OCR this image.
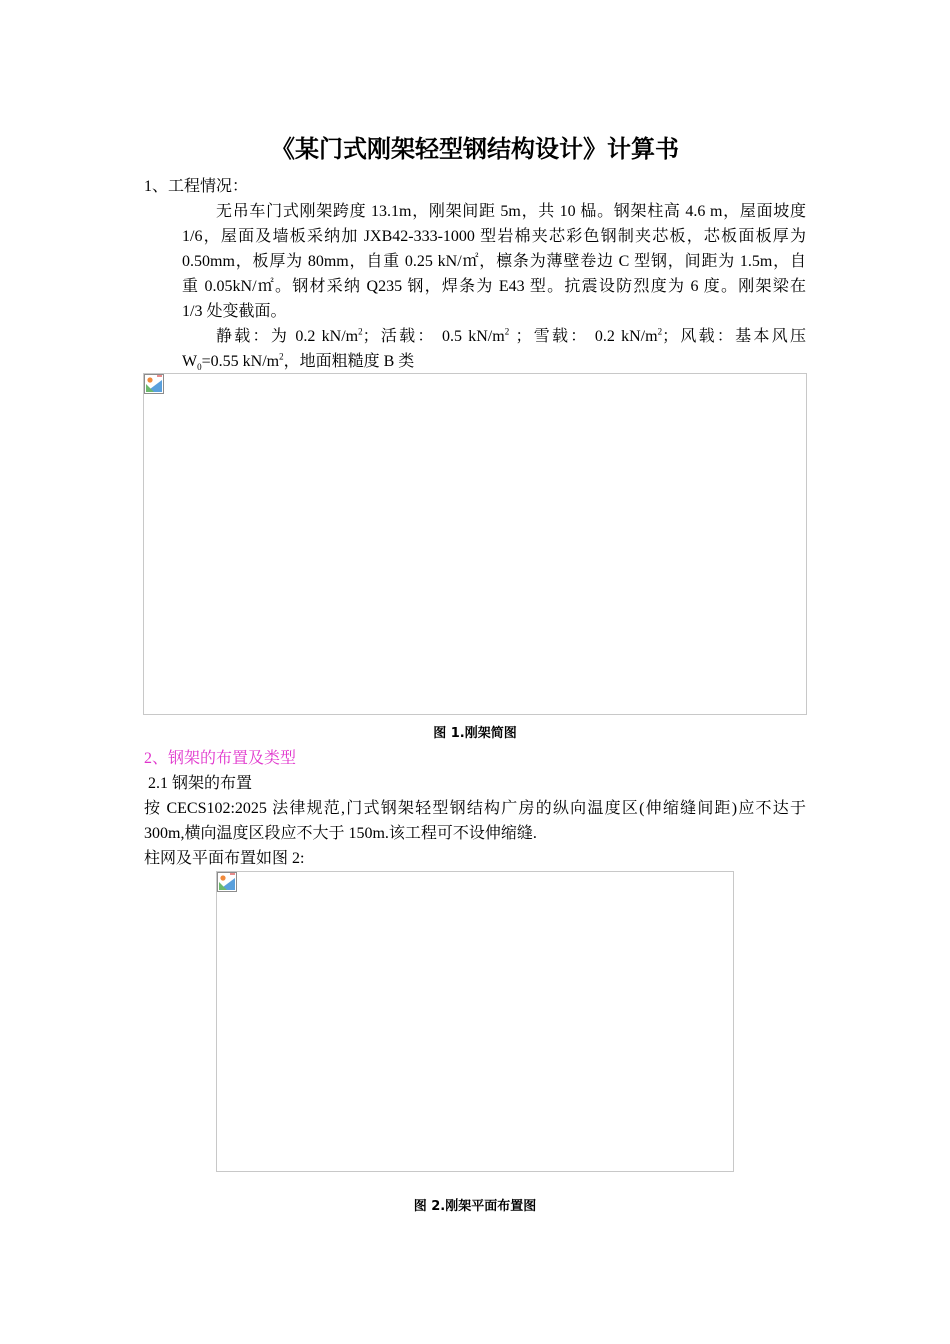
《某门式刚架轻型钢结构设计》计算书
1、工程情况：
无吊车门式刚架跨度 13.1m，刚架间距 5m，共 10 榀。钢架柱高 4.6 m，屋面坡度
1/6，屋面及墙板采纳加 JXB42-333-1000 型岩棉夹芯彩色钢制夹芯板，芯板面板厚为
0.50mm，板厚为 80mm，自重 0.25 kN/㎡，檩条为薄壁卷边 C 型钢，间距为 1.5m，自
重 0.05kN/㎡。钢材采纳 Q235 钢，焊条为 E43 型。抗震设防烈度为 6 度。刚架梁在
1/3 处变截面。
静载：为 0.2 $kN/m^2$；活载： 0.5 $kN/m^2$ ；雪载： 0.2 $kN/m^2$；风载：基本风压
$W_0=0.55$ $kN/m^2$，地面粗糙度 B 类
图 1.刚架简图
2、钢架的布置及类型
2.1 钢架的布置
按 CECS102:2025 法律规范,门式钢架轻型钢结构广房的纵向温度区(伸缩缝间距)应不达于
300m,横向温度区段应不大于 150m.该工程可不设伸缩缝.
柱网及平面布置如图 2:
图 2.刚架平面布置图
